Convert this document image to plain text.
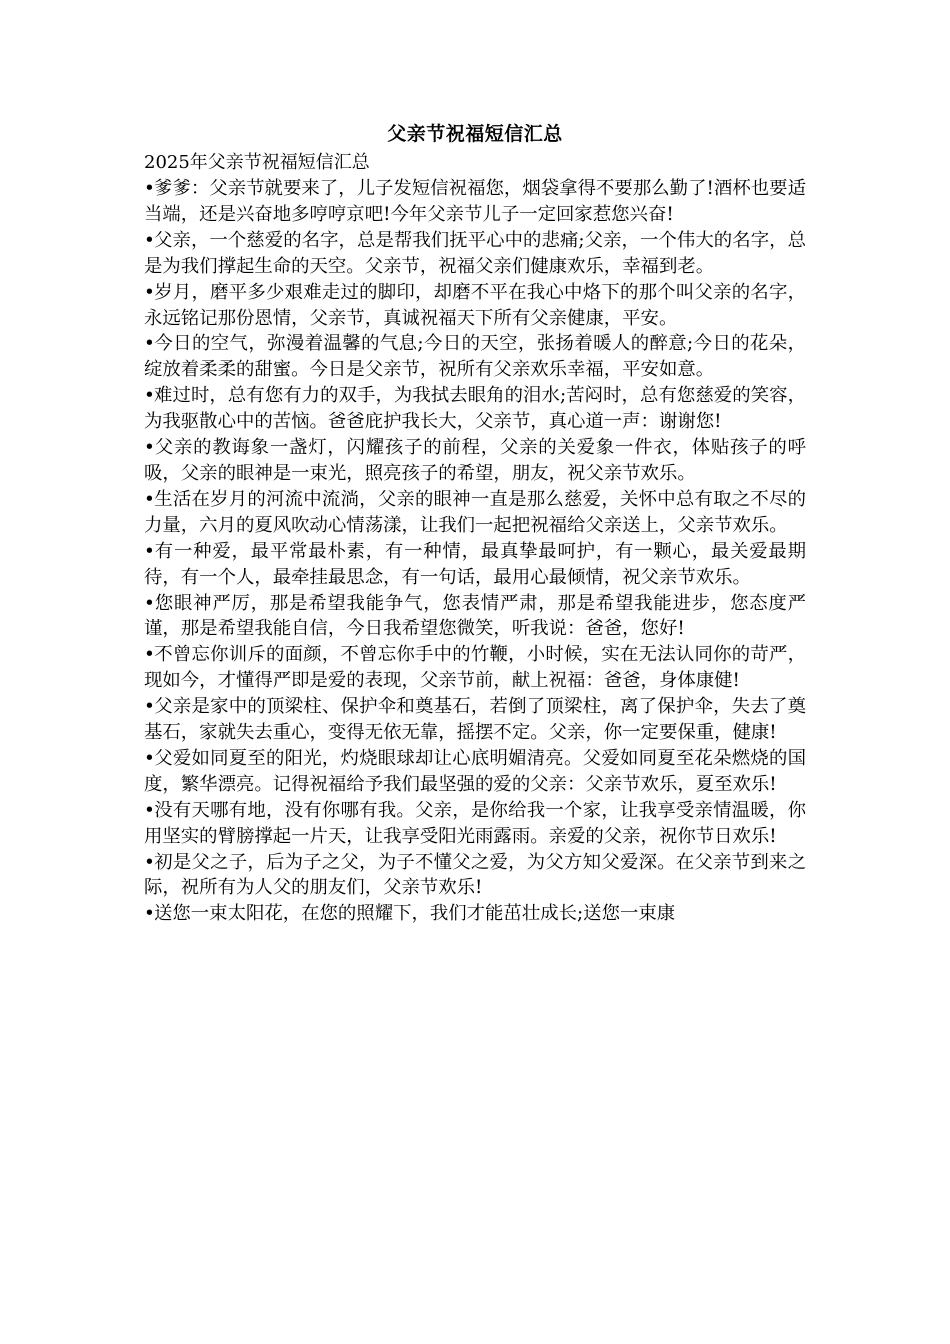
父亲节祝福短信汇总

2025年父亲节祝福短信汇总

•爹爹：父亲节就要来了，儿子发短信祝福您，烟袋拿得不要那么勤了!酒杯也要适当端，还是兴奋地多哼哼京吧!今年父亲节儿子一定回家惹您兴奋!
•父亲，一个慈爱的名字，总是帮我们抚平心中的悲痛;父亲，一个伟大的名字，总是为我们撑起生命的天空。父亲节，祝福父亲们健康欢乐，幸福到老。
•岁月，磨平多少艰难走过的脚印，却磨不平在我心中烙下的那个叫父亲的名字，永远铭记那份恩情，父亲节，真诚祝福天下所有父亲健康，平安。
•今日的空气，弥漫着温馨的气息;今日的天空，张扬着暖人的醉意;今日的花朵，绽放着柔柔的甜蜜。今日是父亲节，祝所有父亲欢乐幸福，平安如意。
•难过时，总有您有力的双手，为我拭去眼角的泪水;苦闷时，总有您慈爱的笑容，为我驱散心中的苦恼。爸爸庇护我长大，父亲节，真心道一声：谢谢您!
•父亲的教诲象一盏灯，闪耀孩子的前程，父亲的关爱象一件衣，体贴孩子的呼吸，父亲的眼神是一束光，照亮孩子的希望，朋友，祝父亲节欢乐。
•生活在岁月的河流中流淌，父亲的眼神一直是那么慈爱，关怀中总有取之不尽的力量，六月的夏风吹动心情荡漾，让我们一起把祝福给父亲送上，父亲节欢乐。
•有一种爱，最平常最朴素，有一种情，最真挚最呵护，有一颗心，最关爱最期待，有一个人，最牵挂最思念，有一句话，最用心最倾情，祝父亲节欢乐。
•您眼神严厉，那是希望我能争气，您表情严肃，那是希望我能进步，您态度严谨，那是希望我能自信，今日我希望您微笑，听我说：爸爸，您好!
•不曾忘你训斥的面颜，不曾忘你手中的竹鞭，小时候，实在无法认同你的苛严，现如今，才懂得严即是爱的表现，父亲节前，献上祝福：爸爸，身体康健!
•父亲是家中的顶梁柱、保护伞和奠基石，若倒了顶梁柱，离了保护伞，失去了奠基石，家就失去重心，变得无依无靠，摇摆不定。父亲，你一定要保重，健康!
•父爱如同夏至的阳光，灼烧眼球却让心底明媚清亮。父爱如同夏至花朵燃烧的国度，繁华漂亮。记得祝福给予我们最坚强的爱的父亲：父亲节欢乐，夏至欢乐!
•没有天哪有地，没有你哪有我。父亲，是你给我一个家，让我享受亲情温暖，你用坚实的臂膀撑起一片天，让我享受阳光雨露雨。亲爱的父亲，祝你节日欢乐!
•初是父之子，后为子之父，为子不懂父之爱，为父方知父爱深。在父亲节到来之际，祝所有为人父的朋友们，父亲节欢乐!
•送您一束太阳花，在您的照耀下，我们才能茁壮成长;送您一束康
